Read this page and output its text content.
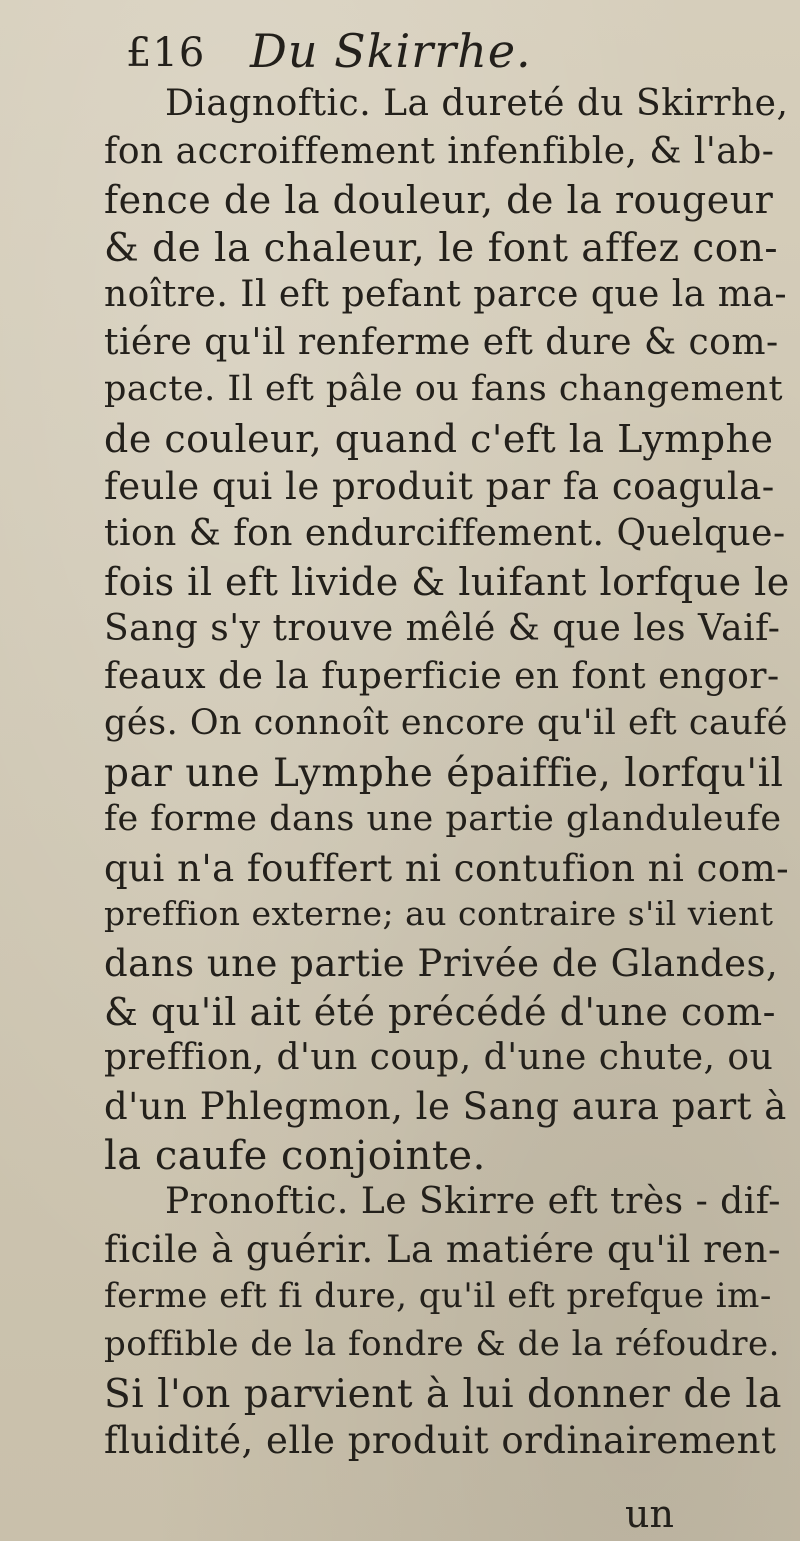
£16 Du Skirrhe.
Diagnoftic. La dureté du Skirrhe,
fon accroiffement infenfible, & l'ab-
fence de la douleur, de la rougeur
& de la chaleur, le font affez con-
noître. Il eft pefant parce que la ma-
tiére qu'il renferme eft dure & com-
pacte. Il eft pâle ou fans changement
de couleur, quand c'eft la Lymphe
feule qui le produit par fa coagula-
tion & fon endurciffement. Quelque-
fois il eft livide & luifant lorfque le
Sang s'y trouve mêlé & que les Vaif-
feaux de la fuperficie en font engor-
gés. On connoît encore qu'il eft caufé
par une Lymphe épaiffie, lorfqu'il
fe forme dans une partie glanduleufe
qui n'a fouffert ni contufion ni com-
preffion externe; au contraire s'il vient
dans une partie Privée de Glandes,
& qu'il ait été précédé d'une com-
preffion, d'un coup, d'une chute, ou
d'un Phlegmon, le Sang aura part à
la caufe conjointe.
Pronoftic. Le Skirre eft très - dif-
ficile à guérir. La matiére qu'il ren-
ferme eft fi dure, qu'il eft prefque im-
poffible de la fondre & de la réfoudre.
Si l'on parvient à lui donner de la
fluidité, elle produit ordinairement
un
